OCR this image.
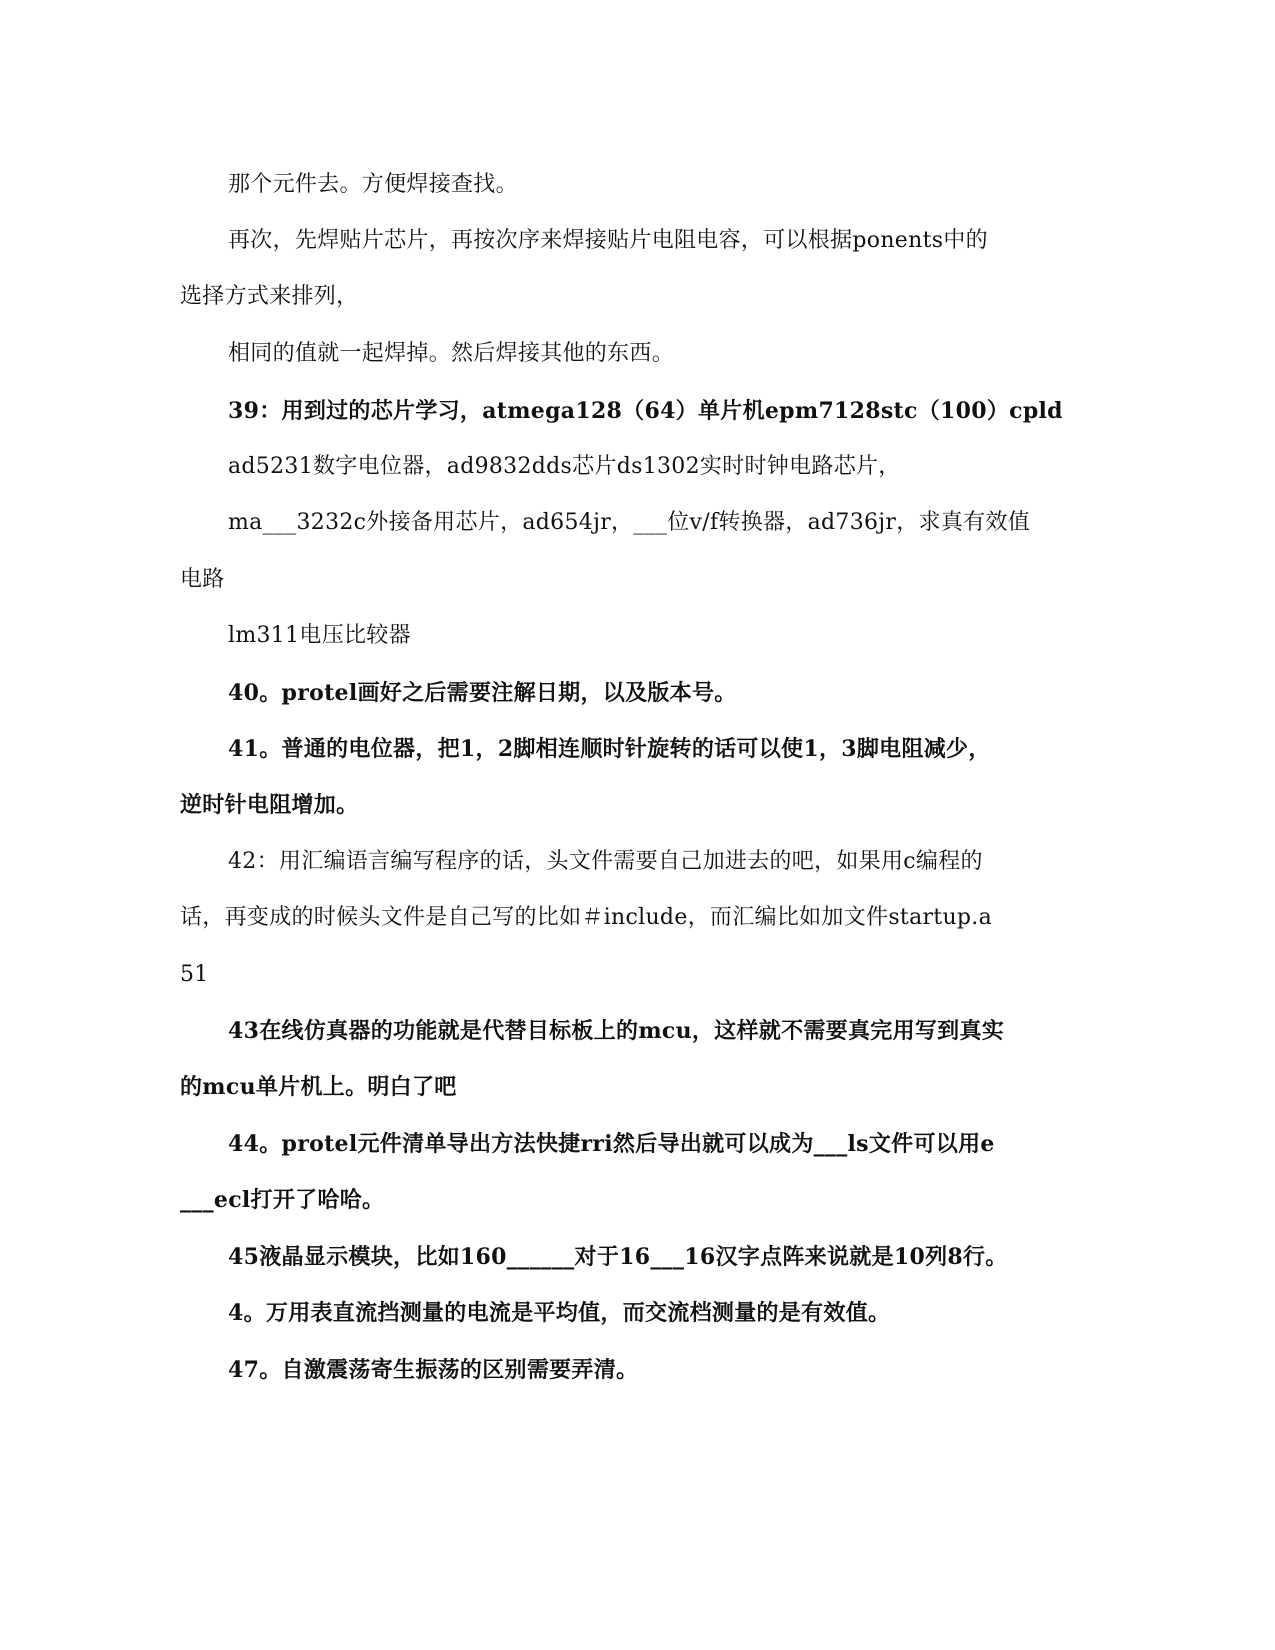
那个元件去。方便焊接查找。
再次，先焊贴片芯片，再按次序来焊接贴片电阻电容，可以根据ponents中的
选择方式来排列，
相同的值就一起焊掉。然后焊接其他的东西。
39：用到过的芯片学习，atmega128（64）单片机epm7128stc（100）cpld
ad5231数字电位器，ad9832dds芯片ds1302实时时钟电路芯片，
ma___3232c外接备用芯片，ad654jr，___位v/f转换器，ad736jr，求真有效值
电路
lm311电压比较器
40。protel画好之后需要注解日期，以及版本号。
41。普通的电位器，把1，2脚相连顺时针旋转的话可以使1，3脚电阻减少，
逆时针电阻增加。
42：用汇编语言编写程序的话，头文件需要自己加进去的吧，如果用c编程的
话，再变成的时候头文件是自己写的比如＃include，而汇编比如加文件startup.a
51
43在线仿真器的功能就是代替目标板上的mcu，这样就不需要真完用写到真实
的mcu单片机上。明白了吧
44。protel元件清单导出方法快捷rri然后导出就可以成为___ls文件可以用e
___ecl打开了哈哈。
45液晶显示模块，比如160______对于16___16汉字点阵来说就是10列8行。
4。万用表直流挡测量的电流是平均值，而交流档测量的是有效值。
47。自激震荡寄生振荡的区别需要弄清。
